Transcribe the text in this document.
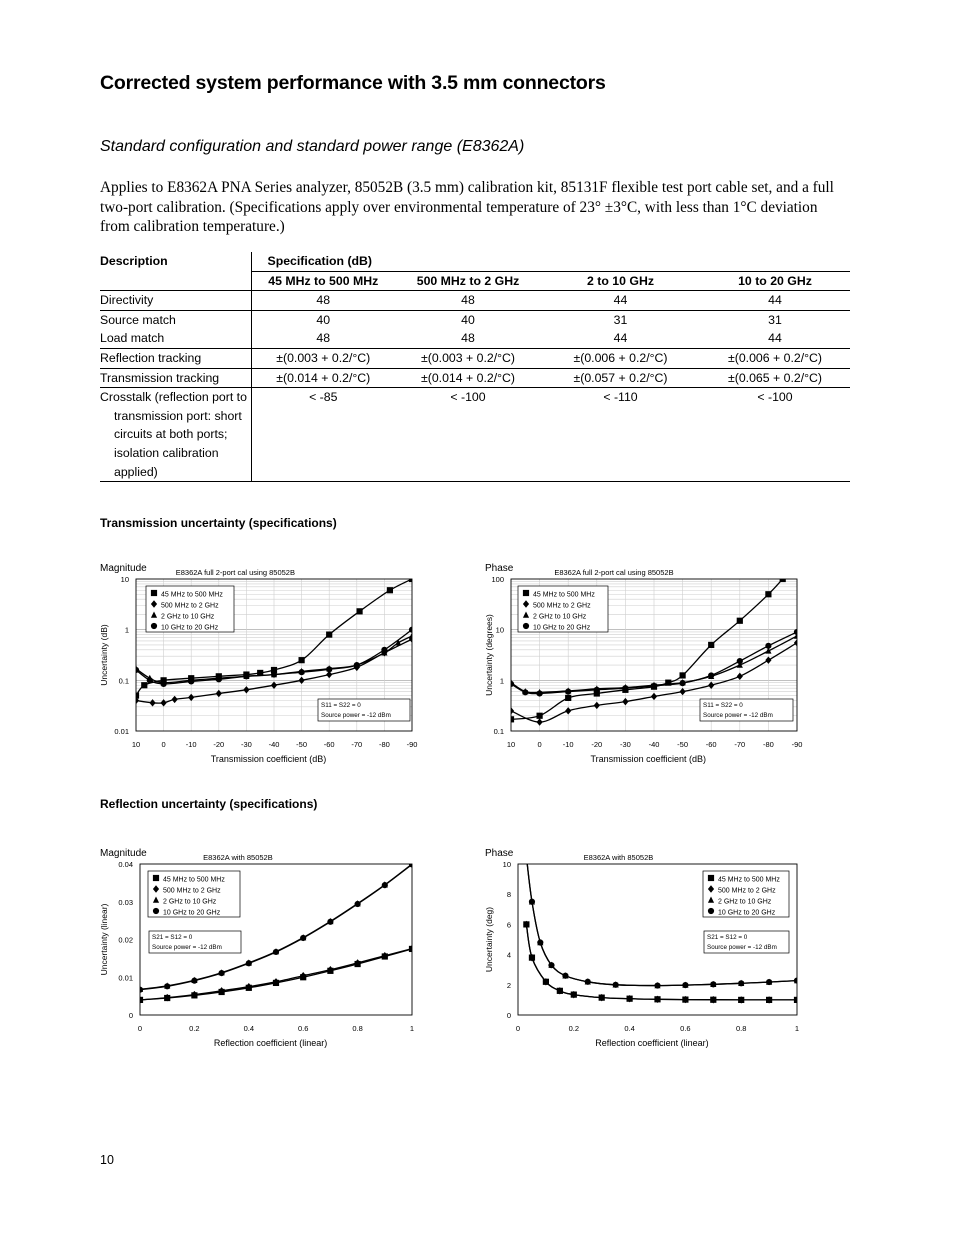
Corrected system performance with 3.5 mm connectors
Standard configuration and standard power range (E8362A)
Applies to E8362A PNA Series analyzer, 85052B (3.5 mm) calibration kit, 85131F flexible test port cable set, and a full two-port calibration. (Specifications apply over environmental temperature of 23° ±3°C, with less than 1°C deviation from calibration temperature.)
Description	Specification (dB)			
	45 MHz to 500 MHz	500 MHz to 2 GHz	2 to 10 GHz	10 to 20 GHz
Directivity	48	48	44	44
Source match	40	40	31	31
Load match	48	48	44	44
Reflection tracking	±(0.003 + 0.2/°C)	±(0.003 + 0.2/°C)	±(0.006 + 0.2/°C)	±(0.006 + 0.2/°C)
Transmission tracking	±(0.014 + 0.2/°C)	±(0.014 + 0.2/°C)	±(0.057 + 0.2/°C)	±(0.065 + 0.2/°C)

Crosstalk (reflection port to
transmission port: short
circuits at both ports;
isolation calibration
applied)	< -85	< -100	< -110	< -100
Transmission uncertainty (specifications)
Reflection uncertainty (specifications)
10	0	-10 -20 -30 -40 -50 -60 -70 -80 -90
0.01
0.1
1
10
Magnitude	E8362A full 2-port cal using 85052B
Transmission coefficient (dB)
Uncertainty (dB)
45 MHz to 500 MHz
500 MHz to 2 GHz
2 GHz to 10 GHz
10 GHz to 20 GHz
S11 = S22 = 0
Source power = -12 dBm
10	0	-10 -20 -30 -40 -50 -60 -70 -80 -90
0.1
1
10
100
Phase	E8362A full 2-port cal using 85052B
Transmission coefficient (dB)
Uncertainty (degrees)
45 MHz to 500 MHz
500 MHz to 2 GHz
2 GHz to 10 GHz
10 GHz to 20 GHz
S11 = S22 = 0
Source power = -12 dBm
0	0.2	0.4	0.6	0.8	1
0
0.01
0.02
0.03
0.04
Magnitude	E8362A with 85052B
Reflection coefficient (linear)
Uncertainty (linear)
45 MHz to 500 MHz
500 MHz to 2 GHz
2 GHz to 10 GHz
10 GHz to 20 GHz
S21 = S12 = 0
Source power = -12 dBm
0	0.2	0.4	0.6	0.8	1
0
2
4
6
8
10
Phase	E8362A with 85052B
Reflection coefficient (linear)
Uncertainty (deg)
45 MHz to 500 MHz
500 MHz to 2 GHz
2 GHz to 10 GHz
10 GHz to 20 GHz
S21 = S12 = 0
Source power = -12 dBm
10
